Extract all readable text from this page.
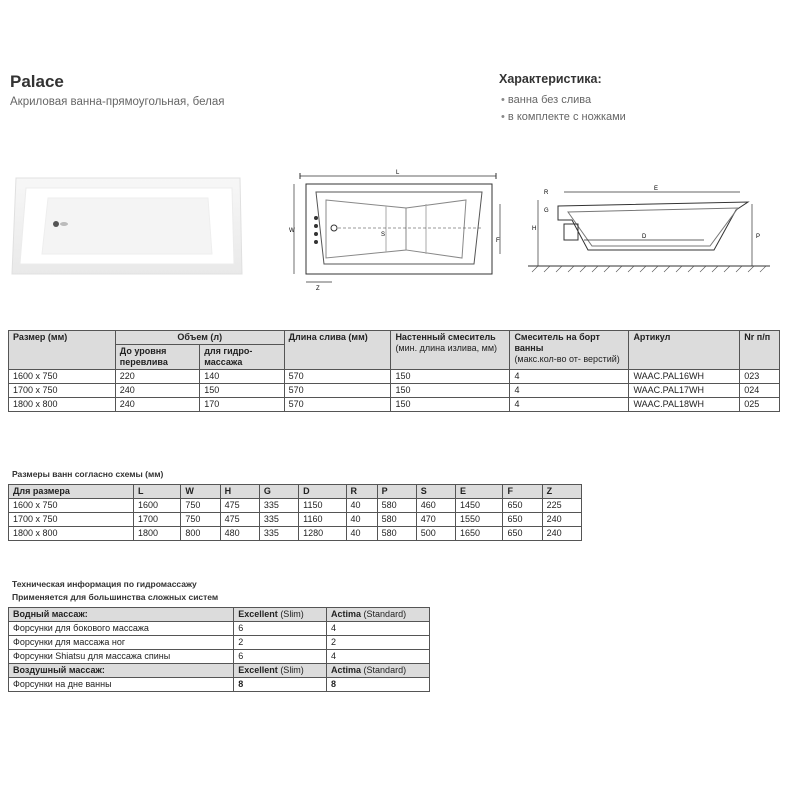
Palace
Акриловая ванна-прямоугольная, белая
Характеристика:
• ванна без слива
• в комплекте с ножками
L
W
S
F
Z
E
R
G
H
D	P
Размер (мм)	Объем (л)		Длина слива (мм)	Настенный смеситель
(мин. длина излива, мм)	Смеситель на борт ванны
(макс.кол-во от- верстий)	Артикул	Nr п/п
	До уровня перевлива	для гидро- массажа					
1600 x 750	220	140	570	150	4	WAAC.PAL16WH	023
1700 x 750	240	150	570	150	4	WAAC.PAL17WH	024
1800 x 800	240	170	570	150	4	WAAC.PAL18WH	025
Размеры ванн согласно схемы (мм)
Для размера	L	W	H	G	D	R	P	S	E	F	Z
1600 x 750	1600	750	475	335	1150	40	580	460	1450	650	225
1700 x 750	1700	750	475	335	1160	40	580	470	1550	650	240
1800 x 800	1800	800	480	335	1280	40	580	500	1650	650	240
Техническая информация по гидромассажу
Применяется для большинства сложных систем
Водный массаж:	Excellent (Slim)	Actima (Standard)
Форсунки для бокового массажа	6	4
Форсунки для массажа ног	2	2
Форсунки Shiatsu для массажа спины	6	4
Воздушный массаж:	Excellent (Slim)	Actima (Standard)
Форсунки на дне ванны	8	8
